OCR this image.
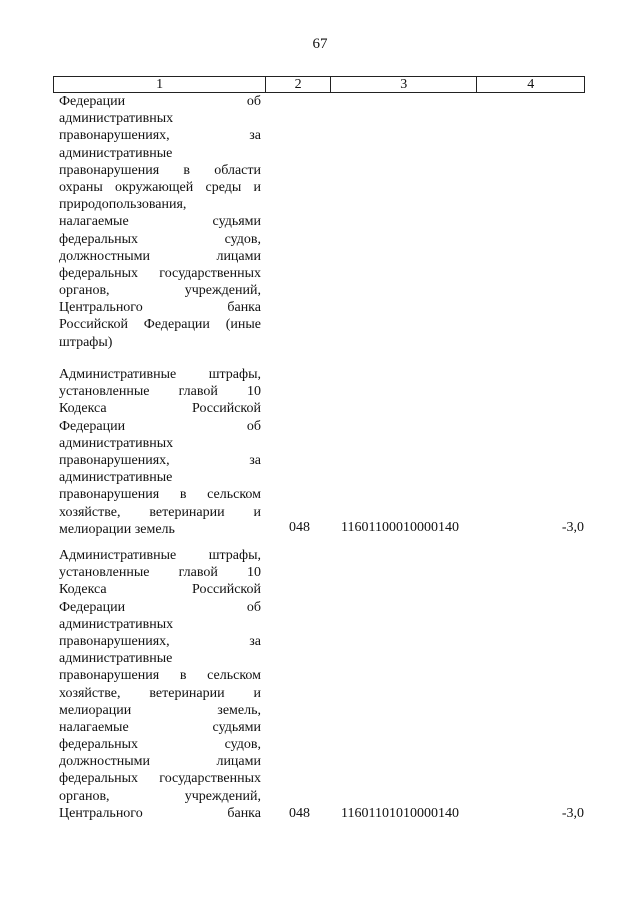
67
1	2	3	4
Федерации об
административных
правонарушениях, за
административные
правонарушения в области
охраны окружающей среды и
природопользования,
налагаемые судьями
федеральных судов,
должностными лицами
федеральных государственных
органов, учреждений,
Центрального банка
Российской Федерации (иные
штрафы)
Административные штрафы,
установленные главой 10
Кодекса Российской
Федерации об
административных
правонарушениях, за
административные
правонарушения в сельском
хозяйстве, ветеринарии и
мелиорации земель	048 11601100010000140	-3,0
Административные штрафы,
установленные главой 10
Кодекса Российской
Федерации об
административных
правонарушениях, за
административные
правонарушения в сельском
хозяйстве, ветеринарии и
мелиорации земель,
налагаемые судьями
федеральных судов,
должностными лицами
федеральных государственных
органов, учреждений,
Центрального банка 048 11601101010000140	-3,0
